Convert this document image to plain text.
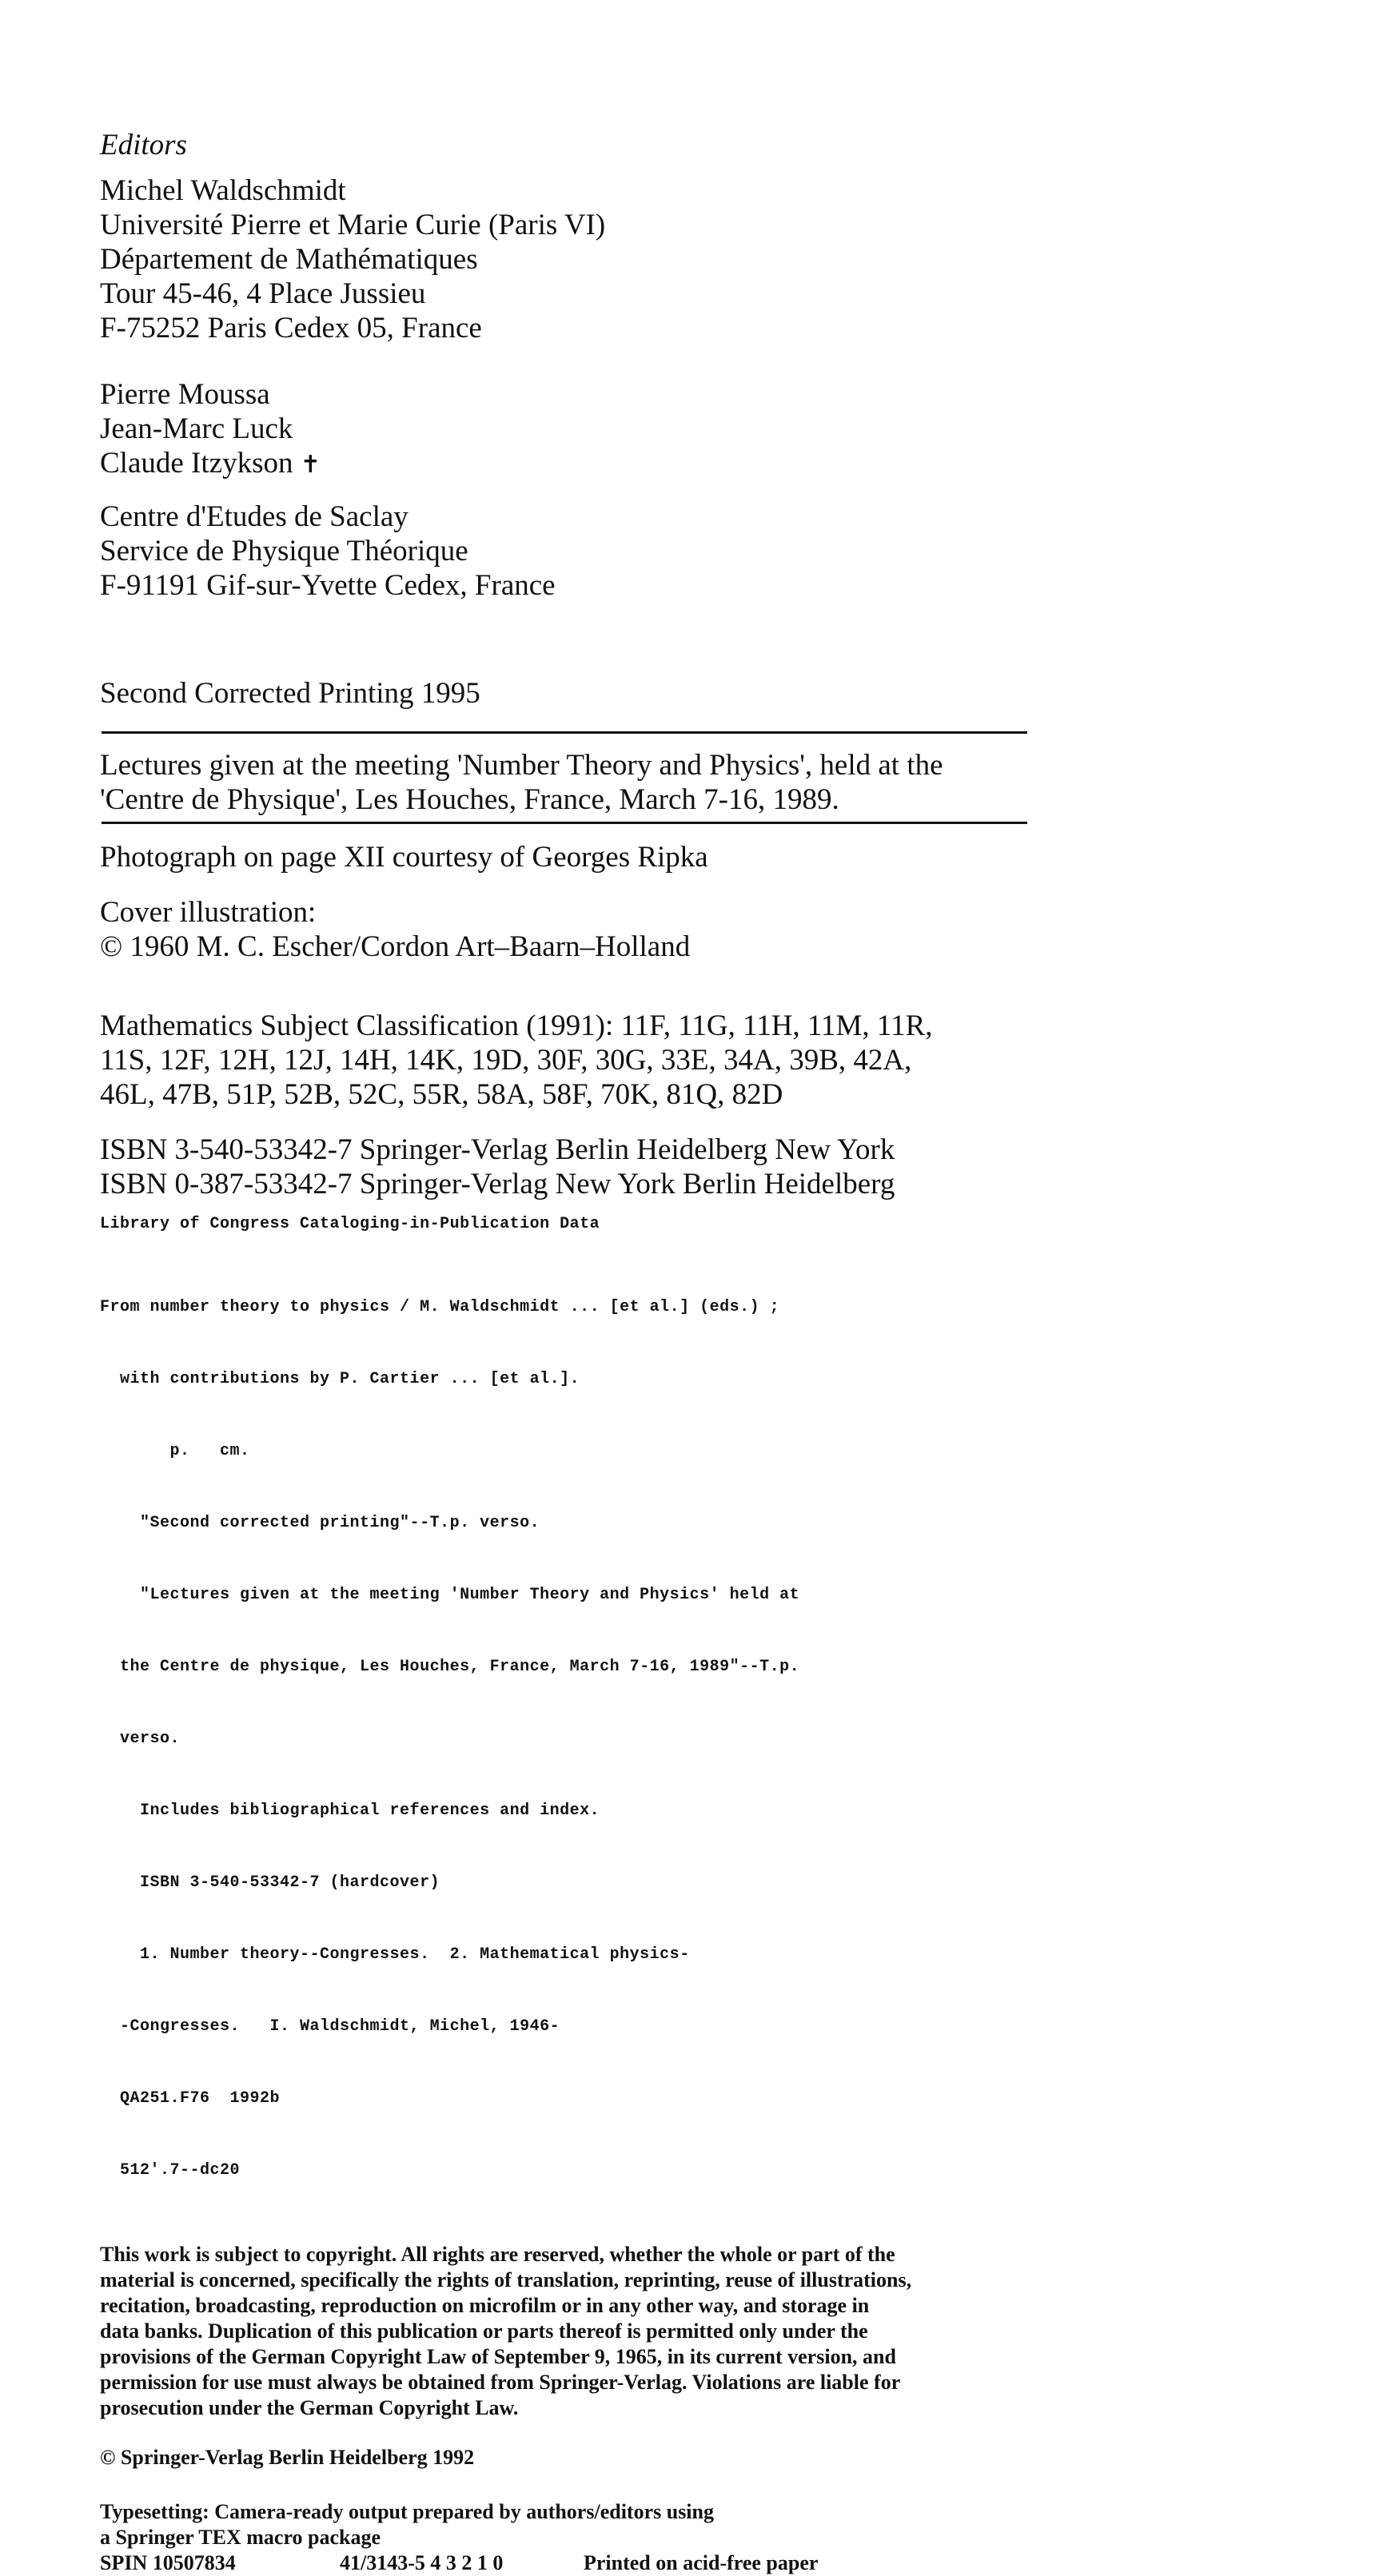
Editors
Michel Waldschmidt
Université Pierre et Marie Curie (Paris VI)
Département de Mathématiques
Tour 45-46, 4 Place Jussieu
F-75252 Paris Cedex 05, France
Pierre Moussa
Jean-Marc Luck
Claude Itzykson ✝
Centre d'Etudes de Saclay
Service de Physique Théorique
F-91191 Gif-sur-Yvette Cedex, France
Second Corrected Printing 1995
Lectures given at the meeting 'Number Theory and Physics', held at the
'Centre de Physique', Les Houches, France, March 7-16, 1989.
Photograph on page XII courtesy of Georges Ripka
Cover illustration:
© 1960 M. C. Escher/Cordon Art–Baarn–Holland
Mathematics Subject Classification (1991): 11F, 11G, 11H, 11M, 11R,
11S, 12F, 12H, 12J, 14H, 14K, 19D, 30F, 30G, 33E, 34A, 39B, 42A,
46L, 47B, 51P, 52B, 52C, 55R, 58A, 58F, 70K, 81Q, 82D
ISBN 3-540-53342-7 Springer-Verlag Berlin Heidelberg New York
ISBN 0-387-53342-7 Springer-Verlag New York Berlin Heidelberg
Library of Congress Cataloging-in-Publication Data

From number theory to physics / M. Waldschmidt ... [et al.] (eds.) ;

with contributions by P. Cartier ... [et al.].

p.   cm.

"Second corrected printing"--T.p. verso.

"Lectures given at the meeting 'Number Theory and Physics' held at

the Centre de physique, Les Houches, France, March 7-16, 1989"--T.p.

verso.

Includes bibliographical references and index.

ISBN 3-540-53342-7 (hardcover)

1. Number theory--Congresses.  2. Mathematical physics-

-Congresses.   I. Waldschmidt, Michel, 1946-

QA251.F76  1992b

512'.7--dc20

This work is subject to copyright. All rights are reserved, whether the whole or part of the
material is concerned, specifically the rights of translation, reprinting, reuse of illustrations,
recitation, broadcasting, reproduction on microfilm or in any other way, and storage in
data banks. Duplication of this publication or parts thereof is permitted only under the
provisions of the German Copyright Law of September 9, 1965, in its current version, and
permission for use must always be obtained from Springer-Verlag. Violations are liable for
prosecution under the German Copyright Law.
© Springer-Verlag Berlin Heidelberg 1992
Typesetting: Camera-ready output prepared by authors/editors using
a Springer TEX macro package
SPIN 10507834	41/3143-5 4 3 2 1 0	Printed on acid-free paper
